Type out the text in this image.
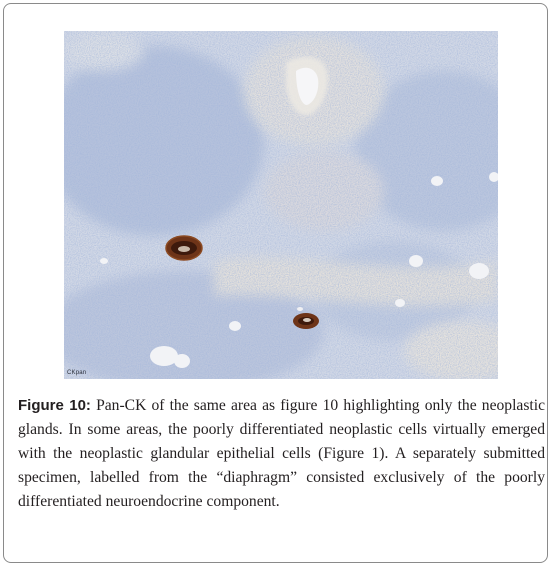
CKpan
Figure 10: Pan-CK of the same area as figure 10 highlighting only the neoplastic glands. In some areas, the poorly differentiated neoplastic cells virtually emerged with the neoplastic glandular epithelial cells (Figure 1). A separately submitted specimen, labelled from the “diaphragm” consisted exclusively of the poorly differentiated neuroendocrine component.
